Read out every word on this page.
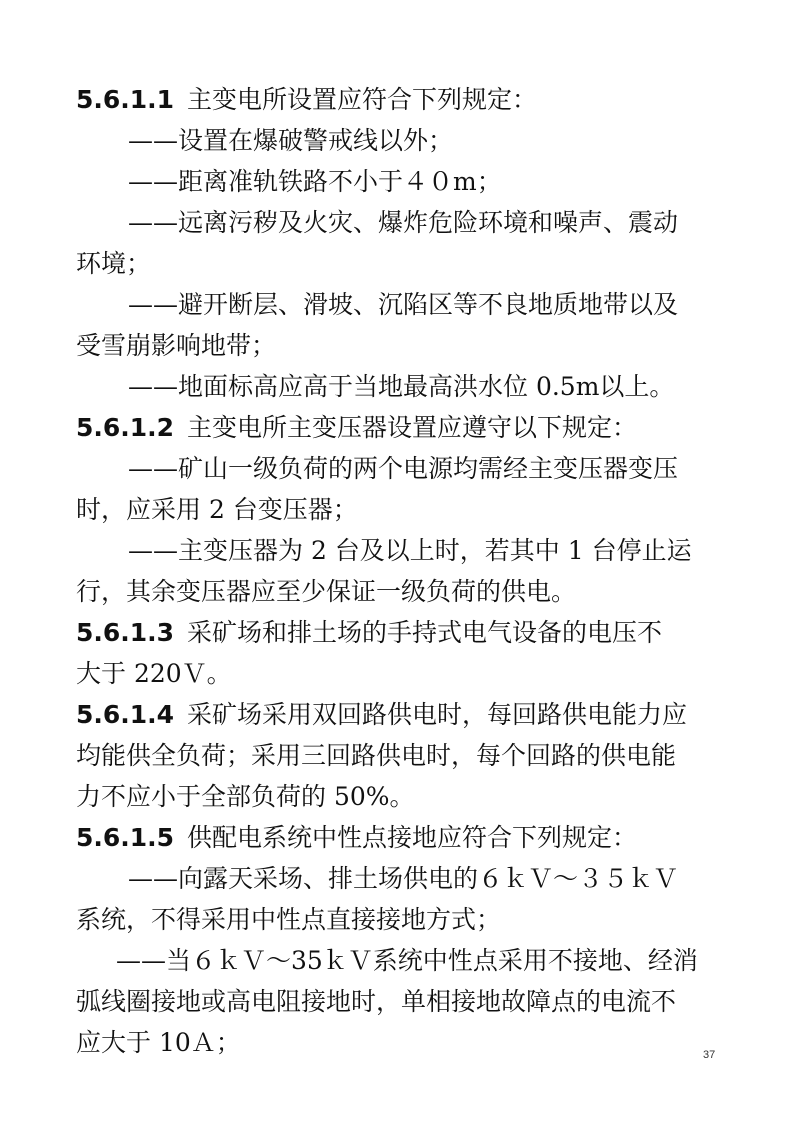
5.6.1.1 主变电所设置应符合下列规定：
——设置在爆破警戒线以外；
——距离准轨铁路不小于４０m；
——远离污秽及火灾、爆炸危险环境和噪声、震动
环境；
——避开断层、滑坡、沉陷区等不良地质地带以及
受雪崩影响地带；
——地面标高应高于当地最高洪水位 0.5m以上。
5.6.1.2 主变电所主变压器设置应遵守以下规定：
——矿山一级负荷的两个电源均需经主变压器变压
时，应采用 2 台变压器；
——主变压器为 2 台及以上时，若其中 1 台停止运
行，其余变压器应至少保证一级负荷的供电。
5.6.1.3 采矿场和排土场的手持式电气设备的电压不
大于 220Ｖ。
5.6.1.4 采矿场采用双回路供电时，每回路供电能力应
均能供全负荷；采用三回路供电时，每个回路的供电能
力不应小于全部负荷的 50%。
5.6.1.5 供配电系统中性点接地应符合下列规定：
——向露天采场、排土场供电的６ｋＶ～３５ｋＶ
系统，不得采用中性点直接接地方式；
——当６ｋＶ～35ｋＶ系统中性点采用不接地、经消
弧线圈接地或高电阻接地时，单相接地故障点的电流不
应大于 10Ａ；	37
